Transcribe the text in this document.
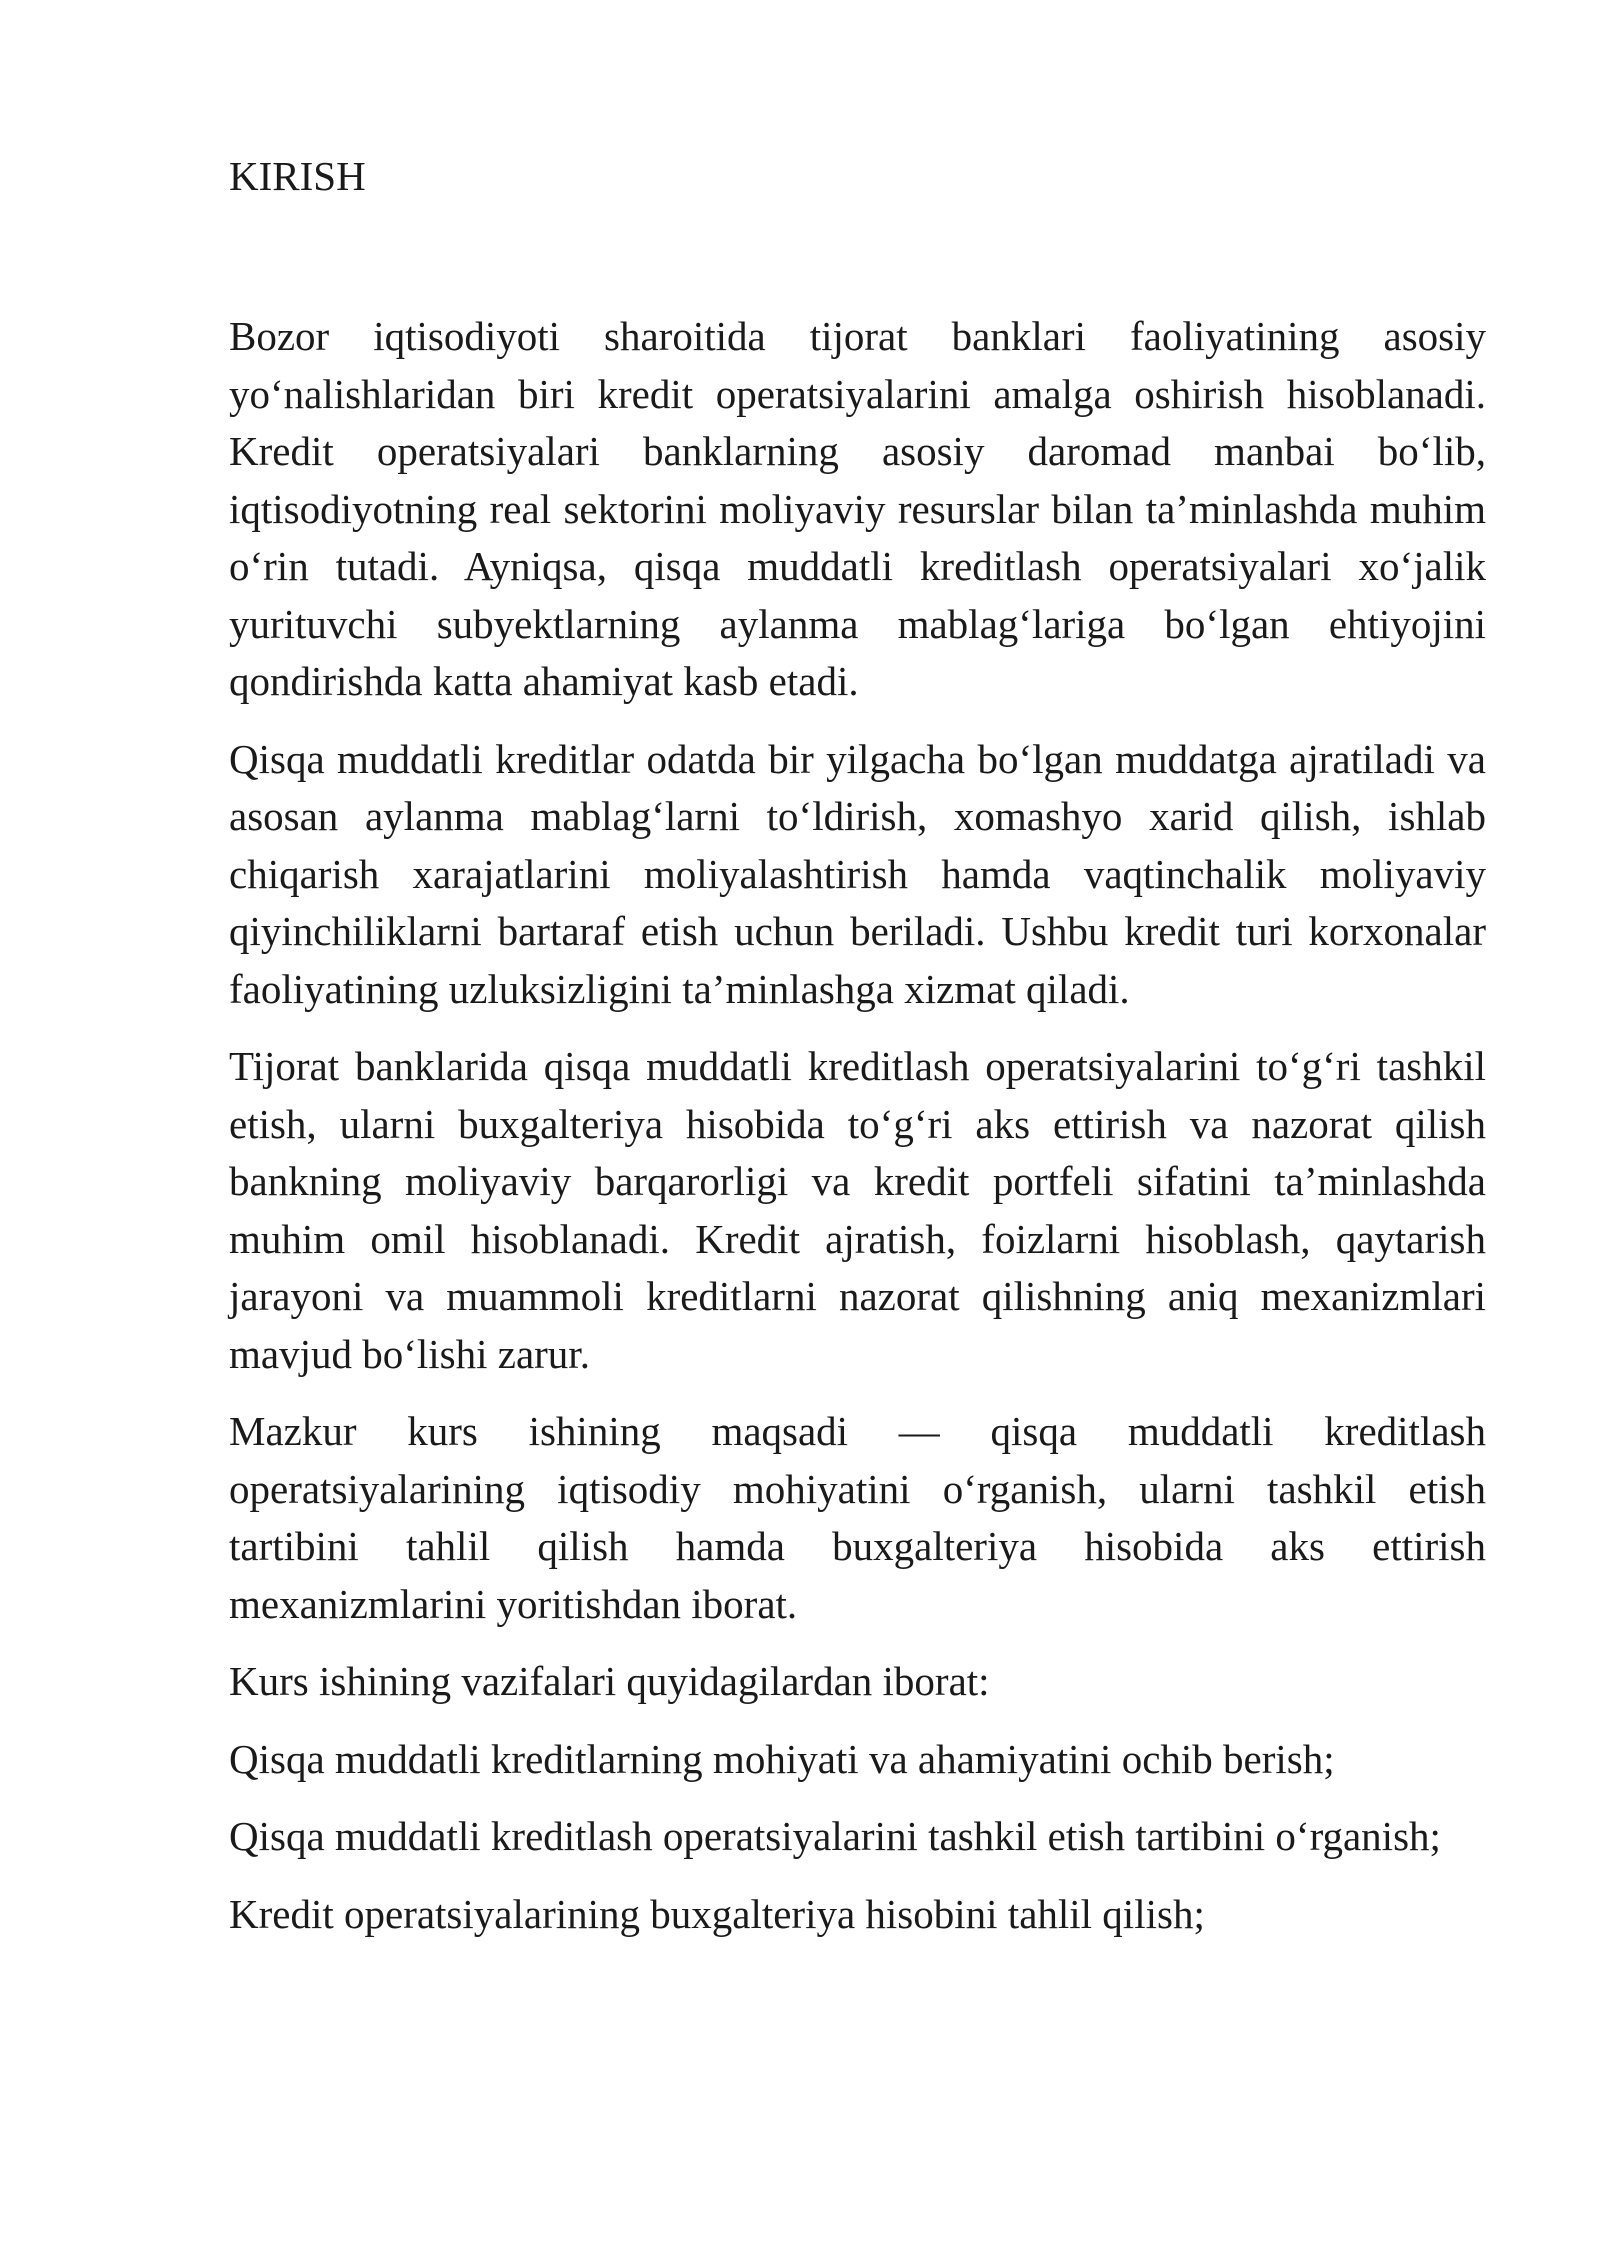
KIRISH

Bozor iqtisodiyoti sharoitida tijorat banklari faoliyatining asosiy yo‘nalishlaridan biri kredit operatsiyalarini amalga oshirish hisoblanadi. Kredit operatsiyalari banklarning asosiy daromad manbai bo‘lib, iqtisodiyotning real sektorini moliyaviy resurslar bilan ta’minlashda muhim o‘rin tutadi. Ayniqsa, qisqa muddatli kreditlash operatsiyalari xo‘jalik yurituvchi subyektlarning aylanma mablag‘lariga bo‘lgan ehtiyojini qondirishda katta ahamiyat kasb etadi.

Qisqa muddatli kreditlar odatda bir yilgacha bo‘lgan muddatga ajratiladi va asosan aylanma mablag‘larni to‘ldirish, xomashyo xarid qilish, ishlab chiqarish xarajatlarini moliyalashtirish hamda vaqtinchalik moliyaviy qiyinchiliklarni bartaraf etish uchun beriladi. Ushbu kredit turi korxonalar faoliyatining uzluksizligini ta’minlashga xizmat qiladi.

Tijorat banklarida qisqa muddatli kreditlash operatsiyalarini to‘g‘ri tashkil etish, ularni buxgalteriya hisobida to‘g‘ri aks ettirish va nazorat qilish bankning moliyaviy barqarorligi va kredit portfeli sifatini ta’minlashda muhim omil hisoblanadi. Kredit ajratish, foizlarni hisoblash, qaytarish jarayoni va muammoli kreditlarni nazorat qilishning aniq mexanizmlari mavjud bo‘lishi zarur.

Mazkur kurs ishining maqsadi — qisqa muddatli kreditlash operatsiyalarining iqtisodiy mohiyatini o‘rganish, ularni tashkil etish tartibini tahlil qilish hamda buxgalteriya hisobida aks ettirish mexanizmlarini yoritishdan iborat.

Kurs ishining vazifalari quyidagilardan iborat:

Qisqa muddatli kreditlarning mohiyati va ahamiyatini ochib berish;

Qisqa muddatli kreditlash operatsiyalarini tashkil etish tartibini o‘rganish;

Kredit operatsiyalarining buxgalteriya hisobini tahlil qilish;
